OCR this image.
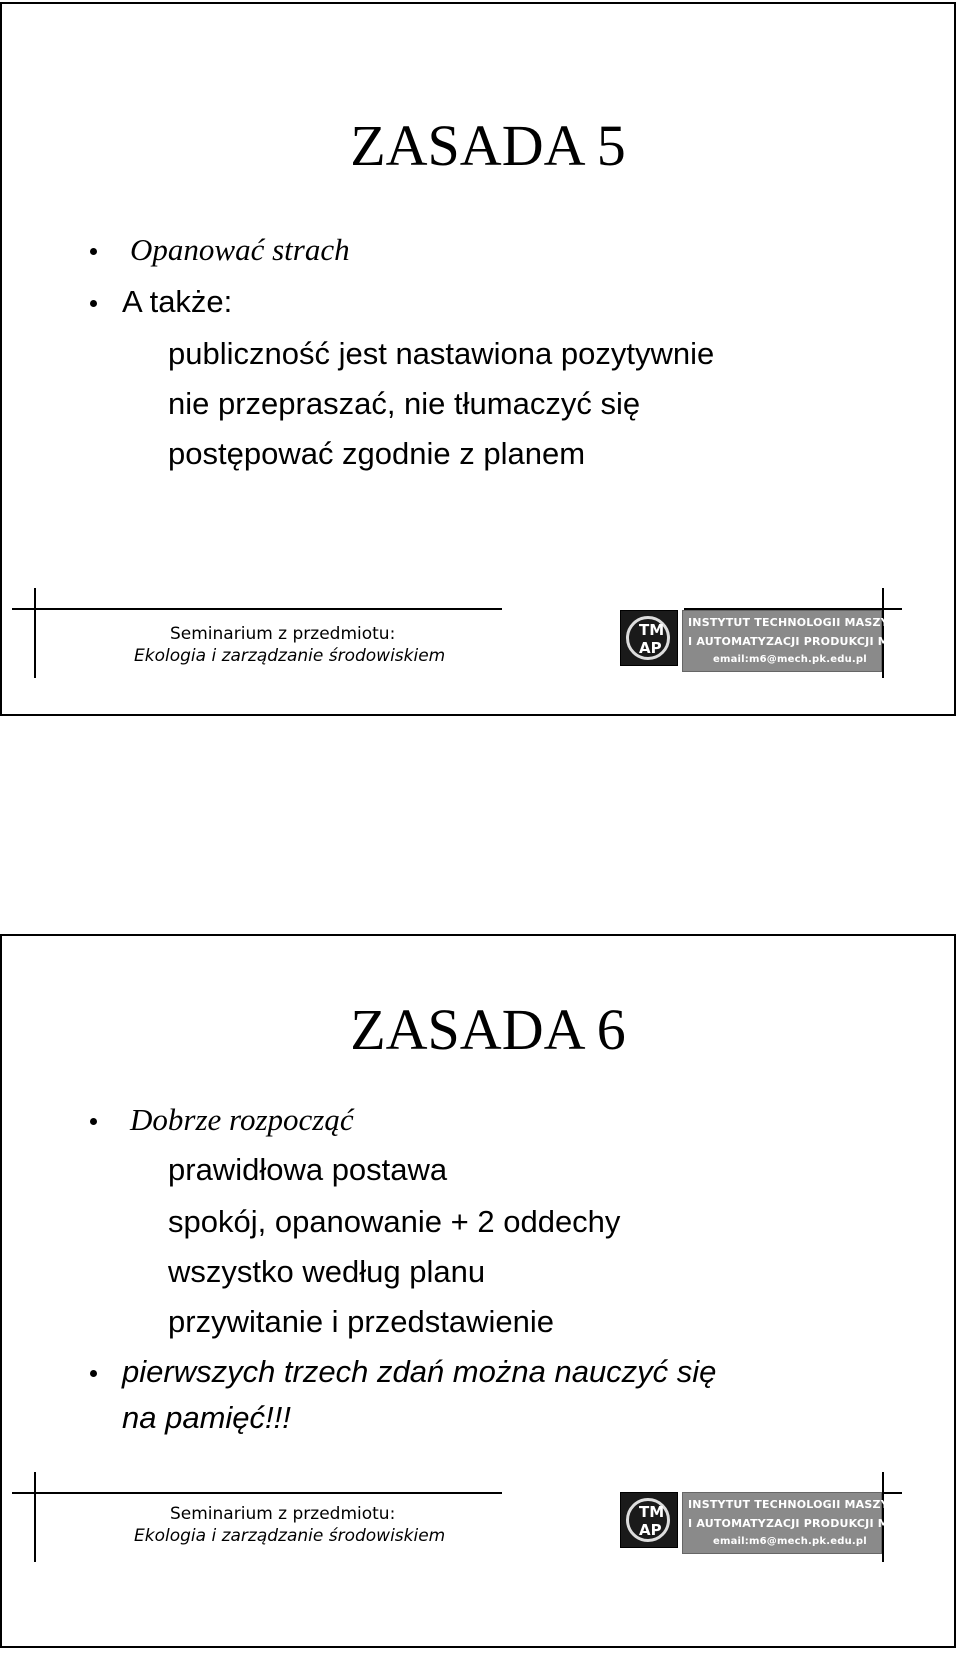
ZASADA 5
Opanować strach
A także:
publiczność jest nastawiona pozytywnie
nie przepraszać, nie tłumaczyć się
postępować zgodnie z planem
Seminarium z przedmiotu:
Ekologia i zarządzanie środowiskiem
TM
AP
INSTYTUT TECHNOLOGII MASZYN
I AUTOMATYZACJI PRODUKCJI M6
email:m6@mech.pk.edu.pl
ZASADA 6
Dobrze rozpocząć
prawidłowa postawa
spokój, opanowanie + 2 oddechy
wszystko według planu
przywitanie i przedstawienie
pierwszych trzech zdań można nauczyć się
na pamięć!!!
Seminarium z przedmiotu:
Ekologia i zarządzanie środowiskiem
TM
AP
INSTYTUT TECHNOLOGII MASZYN
I AUTOMATYZACJI PRODUKCJI M6
email:m6@mech.pk.edu.pl
